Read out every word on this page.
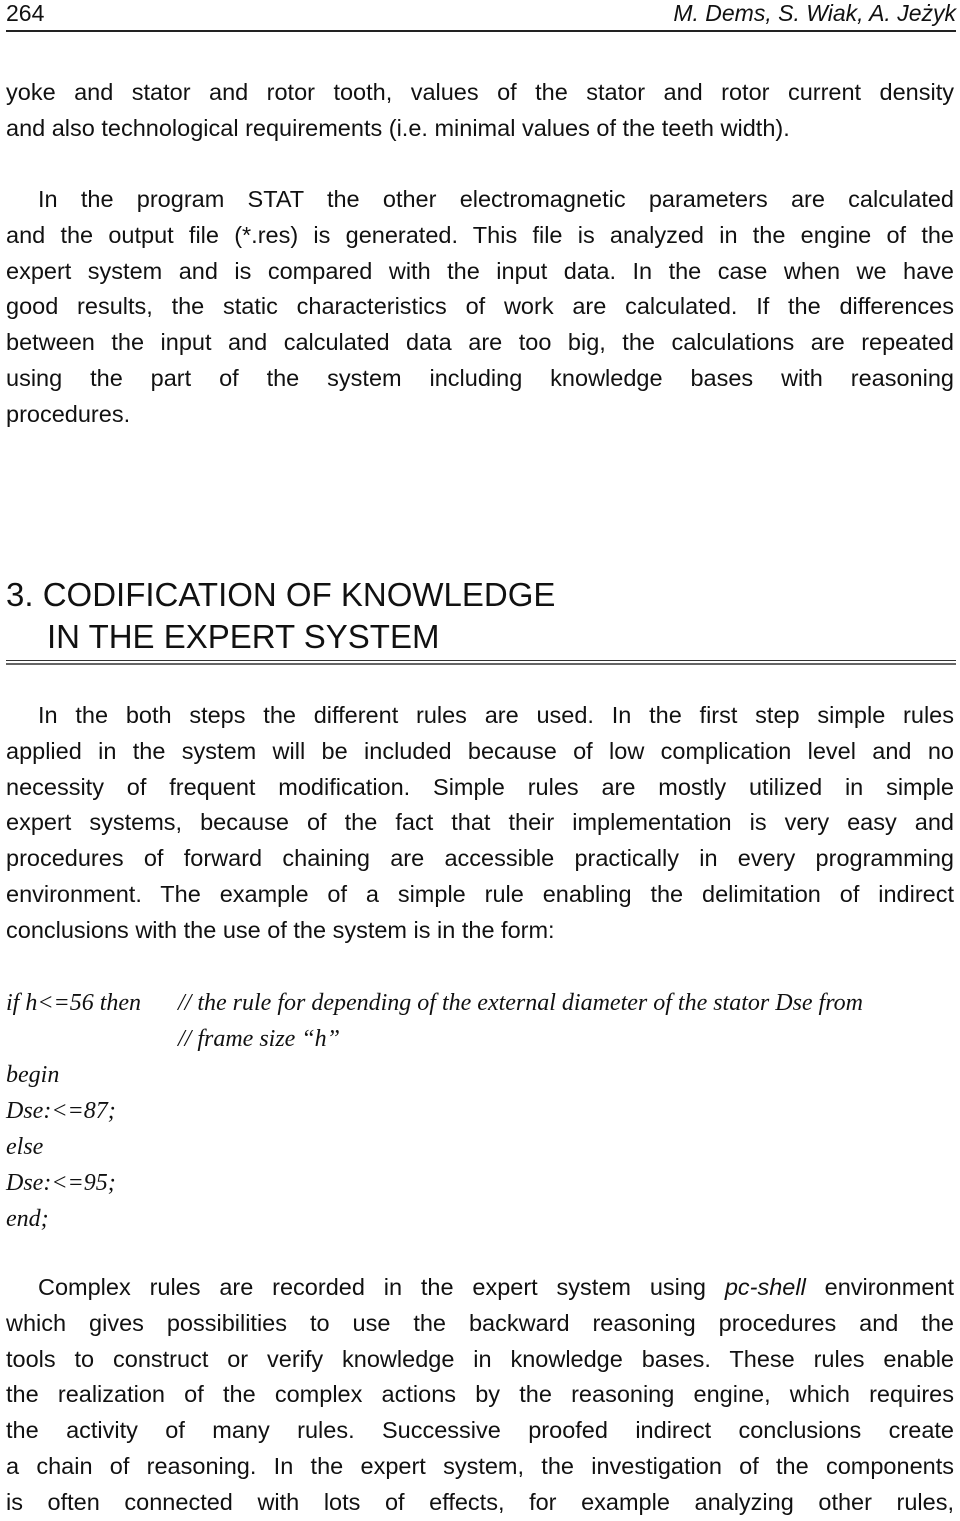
264	M. Dems, S. Wiak, A. Jeżyk
yoke and stator and rotor tooth, values of the stator and rotor current density
and also technological requirements (i.e. minimal values of the teeth width).
In the program STAT the other electromagnetic parameters are calculated
and the output file (*.res) is generated. This file is analyzed in the engine of the
expert system and is compared with the input data. In the case when we have
good results, the static characteristics of work are calculated. If the differences
between the input and calculated data are too big, the calculations are repeated
using the part of the system including knowledge bases with reasoning
procedures.
3. CODIFICATION OF KNOWLEDGE
IN THE EXPERT SYSTEM
In the both steps the different rules are used. In the first step simple rules
applied in the system will be included because of low complication level and no
necessity of frequent modification. Simple rules are mostly utilized in simple
expert systems, because of the fact that their implementation is very easy and
procedures of forward chaining are accessible practically in every programming
environment. The example of a simple rule enabling the delimitation of indirect
conclusions with the use of the system is in the form:
if h<=56 then // the rule for depending of the external diameter of the stator Dse from
// frame size “h”
begin
Dse:<=87;
else
Dse:<=95;
end;
Complex rules are recorded in the expert system using pc-shell environment
which gives possibilities to use the backward reasoning procedures and the
tools to construct or verify knowledge in knowledge bases. These rules enable
the realization of the complex actions by the reasoning engine, which requires
the activity of many rules. Successive proofed indirect conclusions create
a chain of reasoning. In the expert system, the investigation of the components
is often connected with lots of effects, for example analyzing other rules,
